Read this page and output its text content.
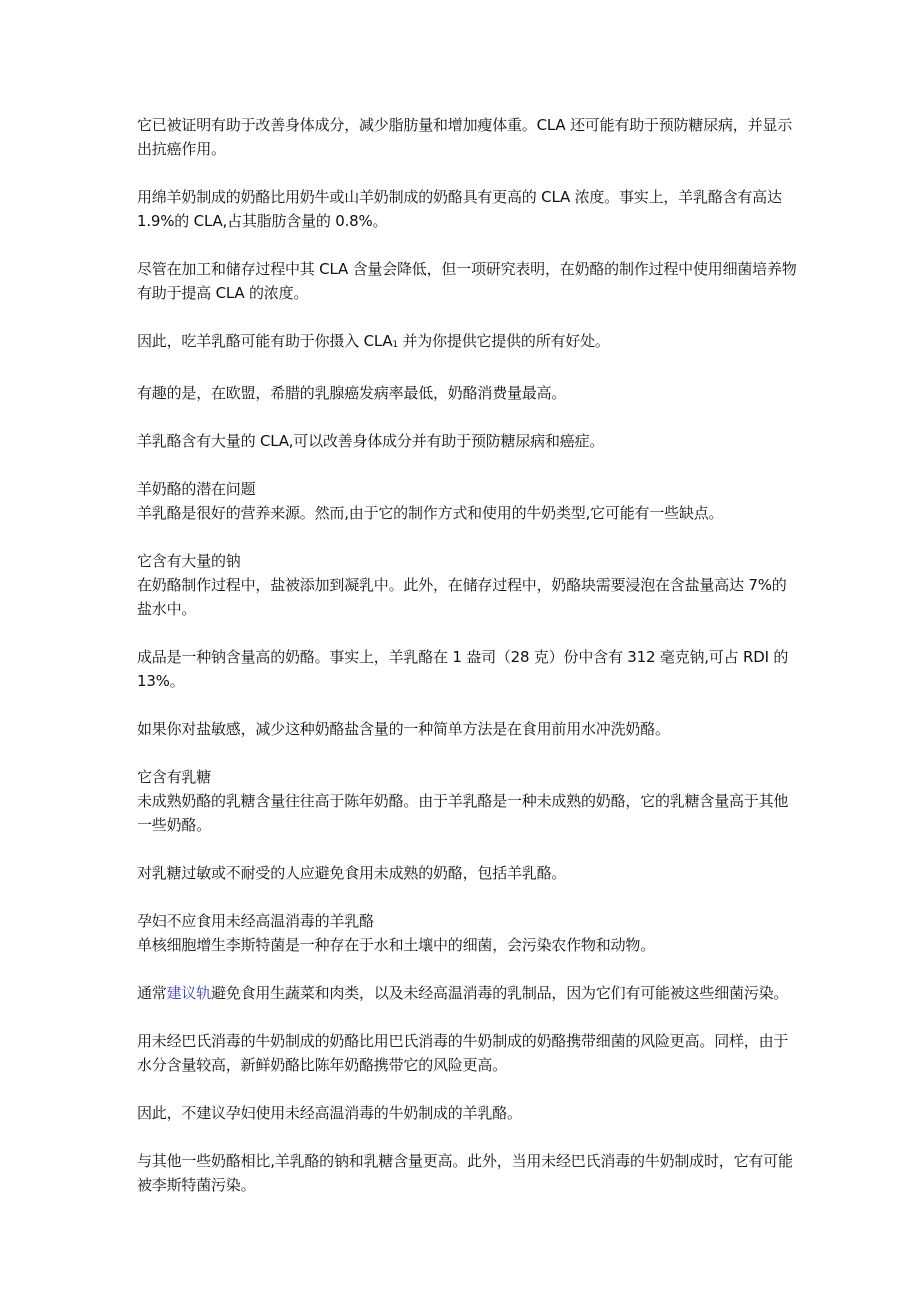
它已被证明有助于改善身体成分，减少脂肪量和增加瘦体重。CLA 还可能有助于预防糖尿病，并显示出抗癌作用。

用绵羊奶制成的奶酪比用奶牛或山羊奶制成的奶酪具有更高的 CLA 浓度。事实上，羊乳酪含有高达 1.9%的 CLA,占其脂肪含量的 0.8%。

尽管在加工和储存过程中其 CLA 含量会降低，但一项研究表明，在奶酪的制作过程中使用细菌培养物有助于提高 CLA 的浓度。

因此，吃羊乳酪可能有助于你摄入 $CLA_1$ 并为你提供它提供的所有好处。

有趣的是，在欧盟，希腊的乳腺癌发病率最低，奶酪消费量最高。

羊乳酪含有大量的 CLA,可以改善身体成分并有助于预防糖尿病和癌症。

羊奶酪的潜在问题

羊乳酪是很好的营养来源。然而,由于它的制作方式和使用的牛奶类型,它可能有一些缺点。

它含有大量的钠

在奶酪制作过程中，盐被添加到凝乳中。此外，在储存过程中，奶酪块需要浸泡在含盐量高达 7%的盐水中。

成品是一种钠含量高的奶酪。事实上，羊乳酪在 1 盎司（28 克）份中含有 312 毫克钠,可占 RDI 的 13%。

如果你对盐敏感，减少这种奶酪盐含量的一种简单方法是在食用前用水冲洗奶酪。

它含有乳糖

未成熟奶酪的乳糖含量往往高于陈年奶酪。由于羊乳酪是一种未成熟的奶酪，它的乳糖含量高于其他一些奶酪。

对乳糖过敏或不耐受的人应避免食用未成熟的奶酪，包括羊乳酪。

孕妇不应食用未经高温消毒的羊乳酪

单核细胞增生李斯特菌是一种存在于水和土壤中的细菌，会污染农作物和动物。

通常建议轨避免食用生蔬菜和肉类，以及未经高温消毒的乳制品，因为它们有可能被这些细菌污染。

用未经巴氏消毒的牛奶制成的奶酪比用巴氏消毒的牛奶制成的奶酪携带细菌的风险更高。同样，由于水分含量较高，新鲜奶酪比陈年奶酪携带它的风险更高。

因此，不建议孕妇使用未经高温消毒的牛奶制成的羊乳酪。

与其他一些奶酪相比,羊乳酪的钠和乳糖含量更高。此外，当用未经巴氏消毒的牛奶制成时，它有可能被李斯特菌污染。
